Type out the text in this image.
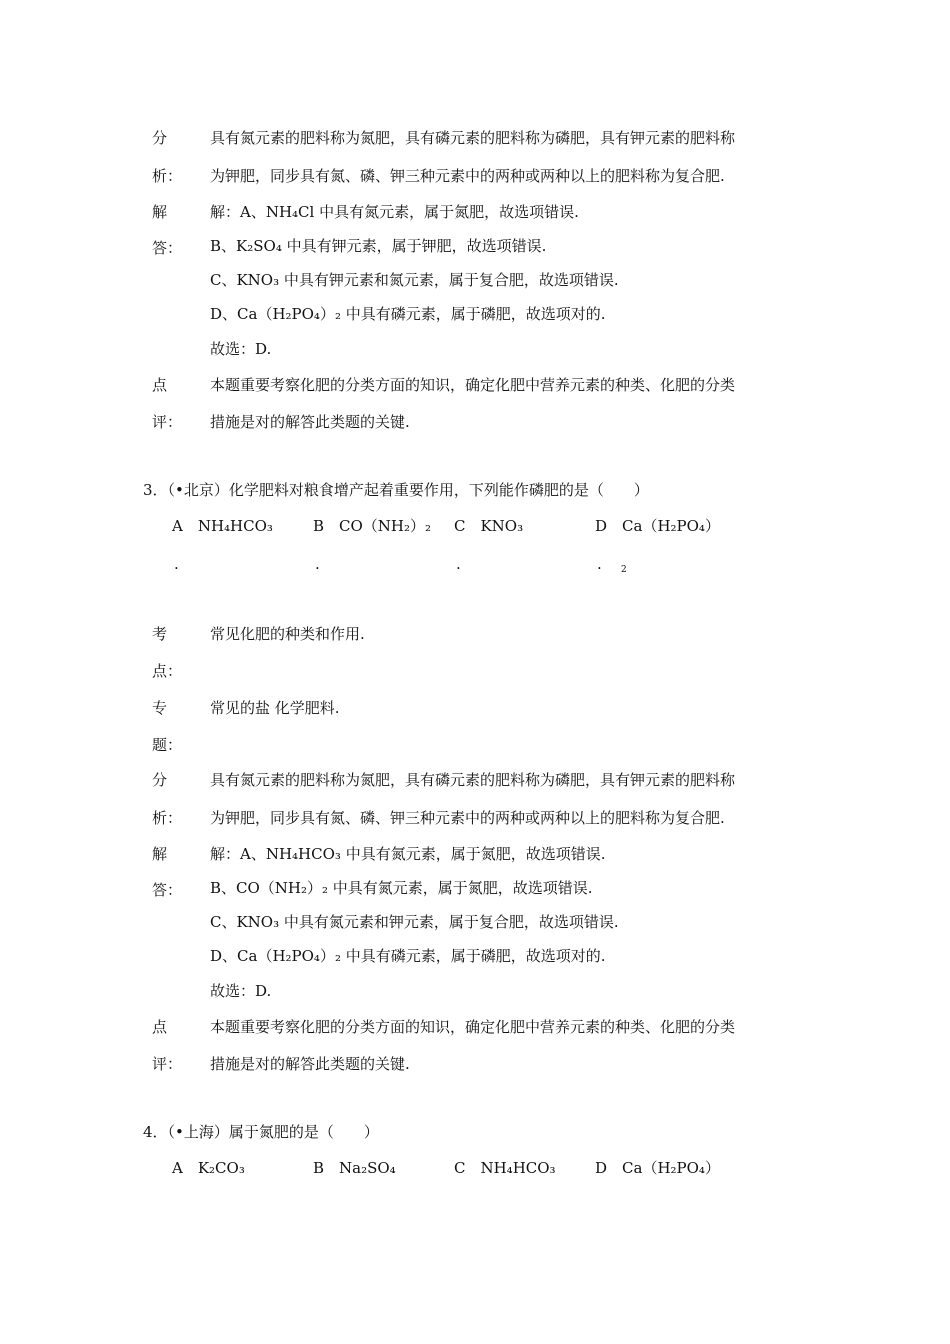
分	具有氮元素的肥料称为氮肥，具有磷元素的肥料称为磷肥，具有钾元素的肥料称
析： 为钾肥，同步具有氮、磷、钾三种元素中的两种或两种以上的肥料称为复合肥.
解	解：A、NH₄Cl 中具有氮元素，属于氮肥，故选项错误.
答： B、K₂SO₄ 中具有钾元素，属于钾肥，故选项错误.
C、KNO₃ 中具有钾元素和氮元素，属于复合肥，故选项错误.
D、Ca（H₂PO₄）₂ 中具有磷元素，属于磷肥，故选项对的.
故选：D.
点	本题重要考察化肥的分类方面的知识，确定化肥中营养元素的种类、化肥的分类
评： 措施是对的解答此类题的关键.
3．（•北京）化学肥料对粮食增产起着重要作用，下列能作磷肥的是（　　）
A　NH₄HCO₃	B　CO（NH₂）₂ C　KNO₃	D　Ca（H₂PO₄）
.	.	.	. 2
考	常见化肥的种类和作用.
点：
专	常见的盐 化学肥料.
题：
分	具有氮元素的肥料称为氮肥，具有磷元素的肥料称为磷肥，具有钾元素的肥料称
析： 为钾肥，同步具有氮、磷、钾三种元素中的两种或两种以上的肥料称为复合肥.
解	解：A、NH₄HCO₃ 中具有氮元素，属于氮肥，故选项错误.
答： B、CO（NH₂）₂ 中具有氮元素，属于氮肥，故选项错误.
C、KNO₃ 中具有氮元素和钾元素，属于复合肥，故选项错误.
D、Ca（H₂PO₄）₂ 中具有磷元素，属于磷肥，故选项对的.
故选：D.
点	本题重要考察化肥的分类方面的知识，确定化肥中营养元素的种类、化肥的分类
评： 措施是对的解答此类题的关键.
4．（•上海）属于氮肥的是（　　）
A　K₂CO₃	B　Na₂SO₄	C　NH₄HCO₃	D　Ca（H₂PO₄）
